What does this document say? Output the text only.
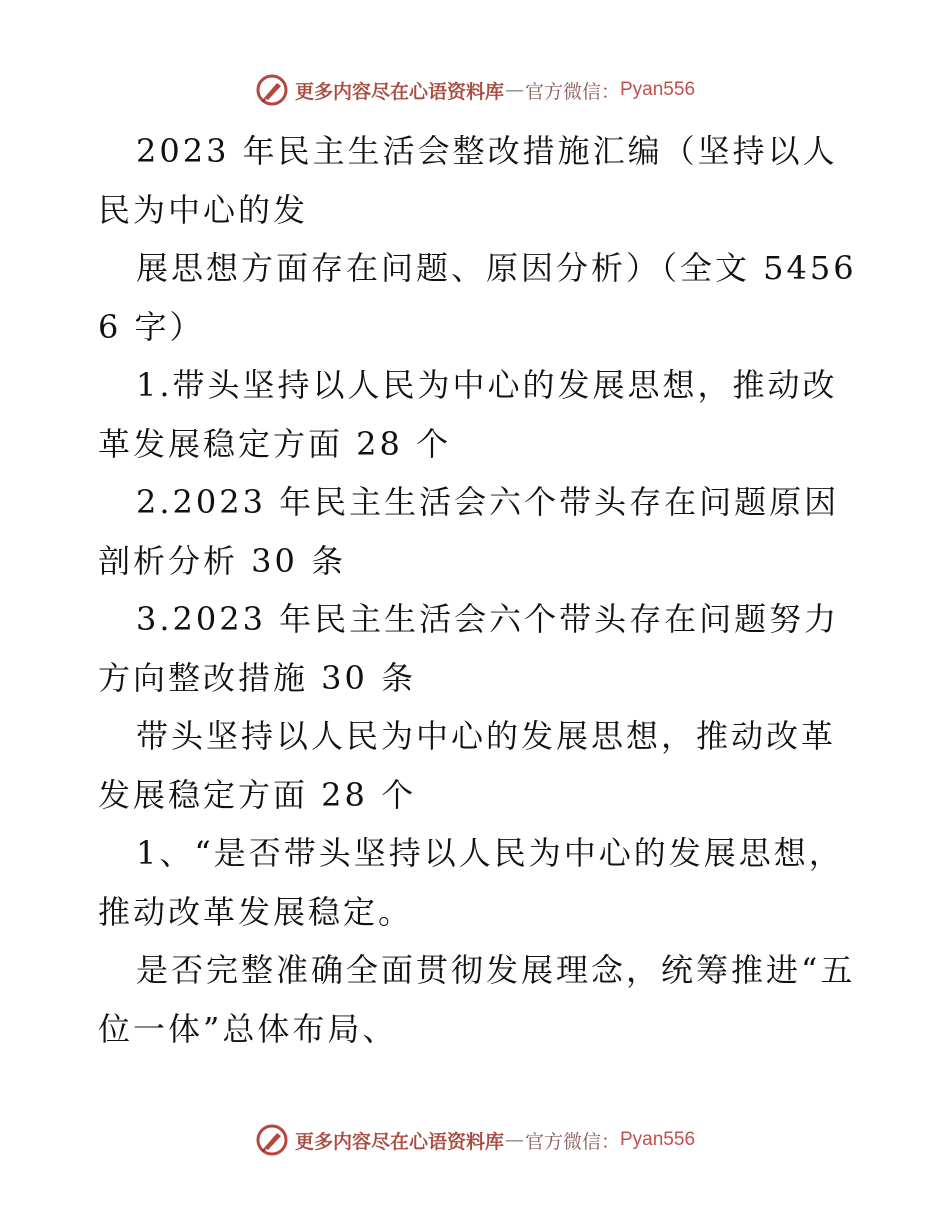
更多内容尽在心语资料库 — 官方微信： Pyan556

2023 年民主生活会整改措施汇编（坚持以人民为中心的发

展思想方面存在问题、原因分析）（全文 54566 字）

1.带头坚持以人民为中心的发展思想，推动改革发展稳定方面 28 个

2.2023 年民主生活会六个带头存在问题原因剖析分析 30 条

3.2023 年民主生活会六个带头存在问题努力方向整改措施 30 条

带头坚持以人民为中心的发展思想，推动改革发展稳定方面 28 个

1、“是否带头坚持以人民为中心的发展思想，推动改革发展稳定。

是否完整准确全面贯彻发展理念，统筹推进“五位一体”总体布局、

更多内容尽在心语资料库 — 官方微信： Pyan556
